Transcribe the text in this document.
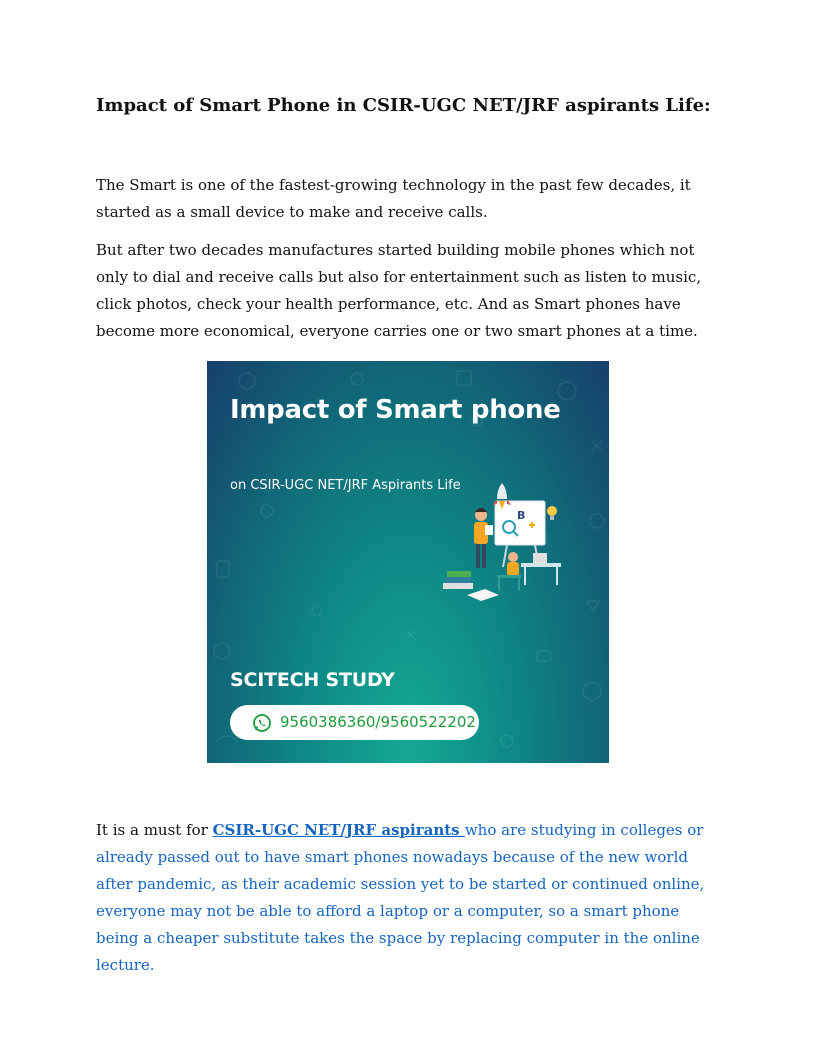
Impact of Smart Phone in CSIR-UGC NET/JRF aspirants Life:

The Smart is one of the fastest-growing technology in the past few decades, it started as a small device to make and receive calls.

But after two decades manufactures started building mobile phones which not only to dial and receive calls but also for entertainment such as listen to music, click photos, check your health performance, etc. And as Smart phones have become more economical, everyone carries one or two smart phones at a time.

Impact of Smart phone
on CSIR-UGC NET/JRF Aspirants Life
B
SCITECH STUDY
9560386360/9560522202

It is a must for CSIR-UGC NET/JRF aspirants who are studying in colleges or already passed out to have smart phones nowadays because of the new world after pandemic, as their academic session yet to be started or continued online, everyone may not be able to afford a laptop or a computer, so a smart phone being a cheaper substitute takes the space by replacing computer in the online lecture.
